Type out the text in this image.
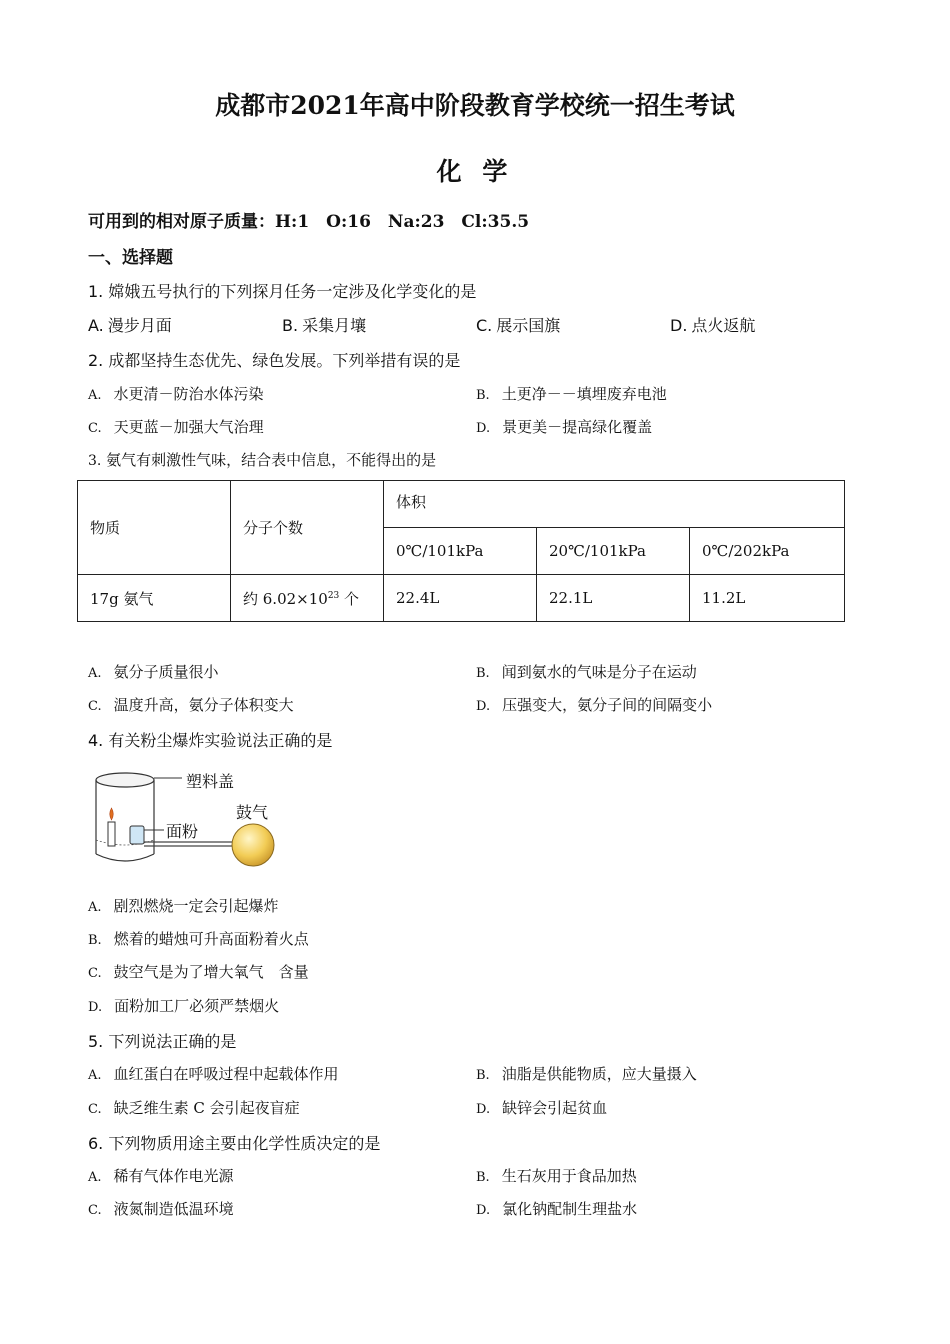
成都市2021年高中阶段教育学校统一招生考试
化 学
可用到的相对原子质量：H:1　O:16　Na:23　Cl:35.5
一、选择题
1. 嫦娥五号执行的下列探月任务一定涉及化学变化的是
A. 漫步月面	B. 采集月壤	C. 展示国旗	D. 点火返航
2. 成都坚持生态优先、绿色发展。下列举措有误的是
A. 水更清－防治水体污染	B. 土更净－－填埋废弃电池
C. 天更蓝－加强大气治理	D. 景更美－提高绿化覆盖
3. 氨气有刺激性气味，结合表中信息，不能得出的是
物质	分子个数	体积		
		0℃/101kPa	20℃/101kPa	0℃/202kPa
17g 氨气	约 $6.02\times 10^{23}$ 个	22.4L	22.1L	11.2L
A. 氨分子质量很小	B. 闻到氨水的气味是分子在运动
C. 温度升高，氨分子体积变大	D. 压强变大，氨分子间的间隔变小
4. 有关粉尘爆炸实验说法正确的是
塑料盖
面粉
鼓气
A. 剧烈燃烧一定会引起爆炸
B. 燃着的蜡烛可升高面粉着火点
C. 鼓空气是为了增大氧气　含量
D. 面粉加工厂必须严禁烟火
5. 下列说法正确的是
A. 血红蛋白在呼吸过程中起载体作用	B. 油脂是供能物质，应大量摄入
C. 缺乏维生素 C 会引起夜盲症	D. 缺锌会引起贫血
6. 下列物质用途主要由化学性质决定的是
A. 稀有气体作电光源	B. 生石灰用于食品加热
C. 液氮制造低温环境	D. 氯化钠配制生理盐水
